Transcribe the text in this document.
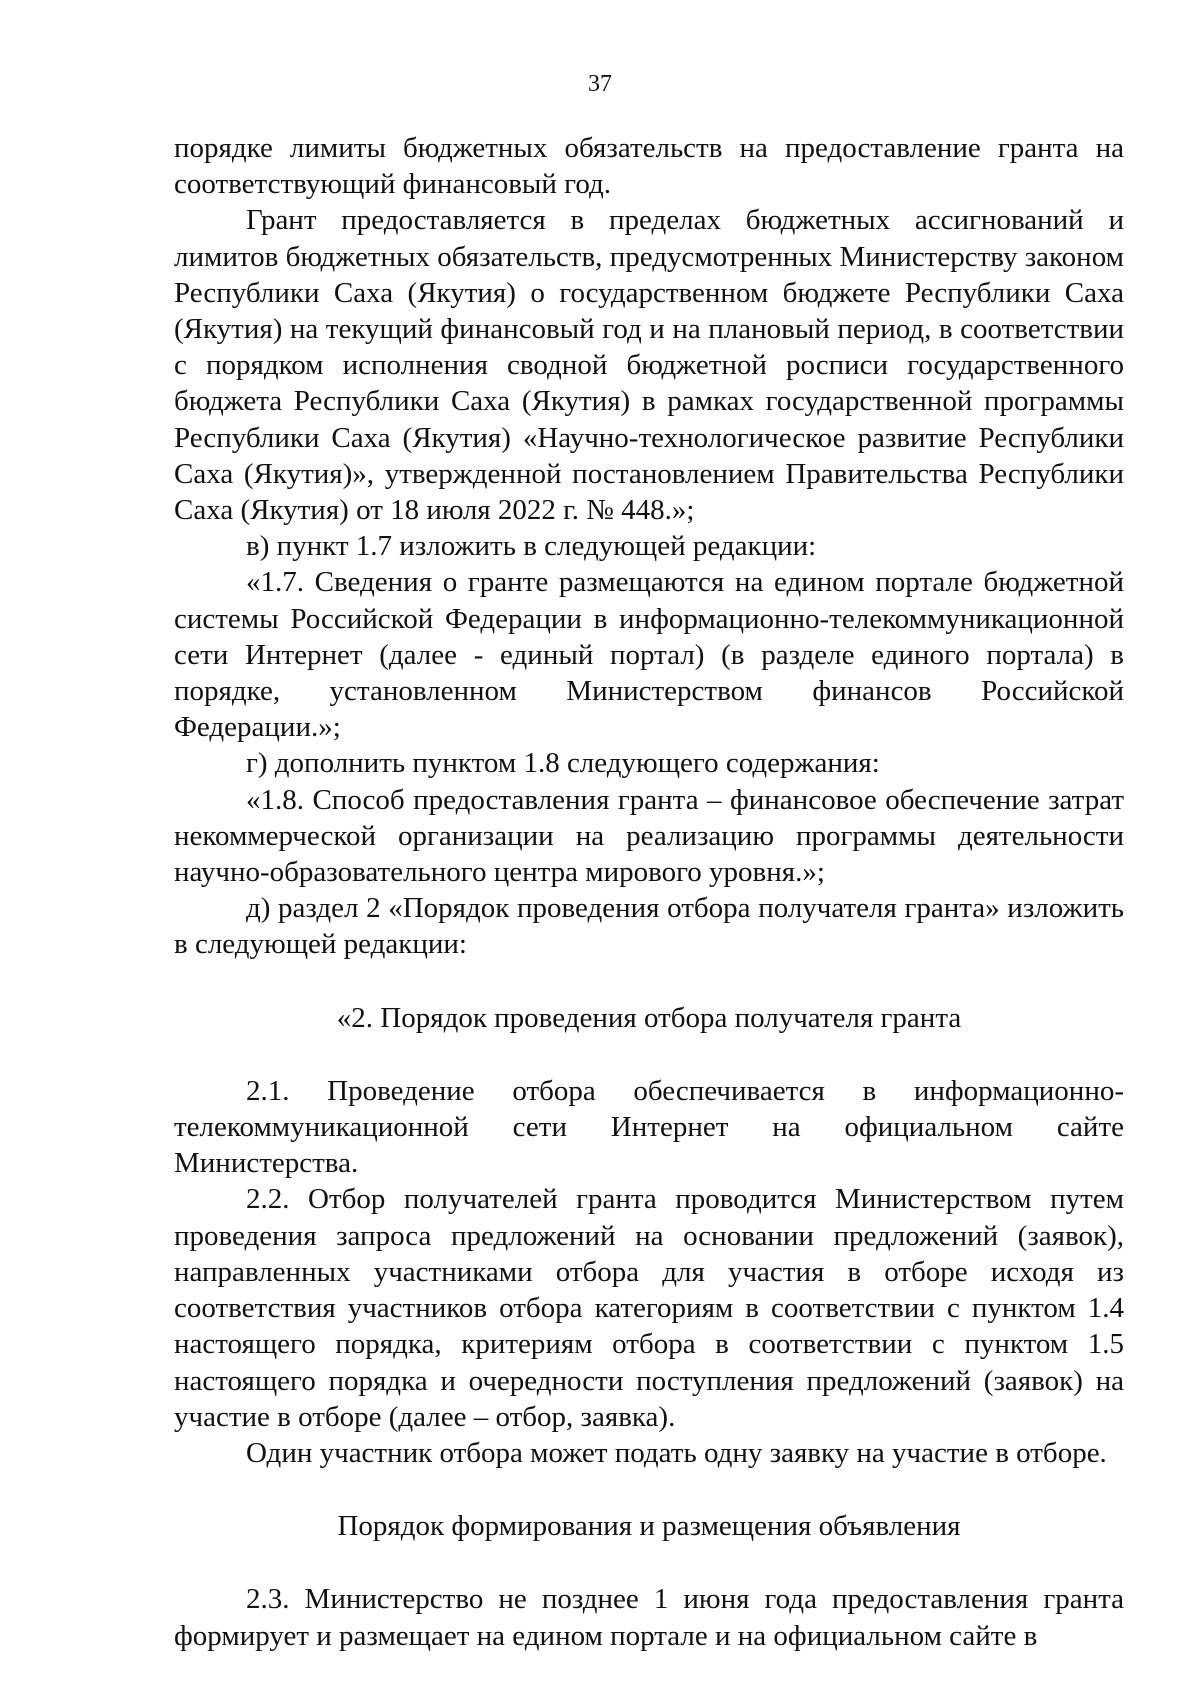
37

порядке лимиты бюджетных обязательств на предоставление гранта на соответствующий финансовый год.

Грант предоставляется в пределах бюджетных ассигнований и лимитов бюджетных обязательств, предусмотренных Министерству законом Республики Саха (Якутия) о государственном бюджете Республики Саха (Якутия) на текущий финансовый год и на плановый период, в соответствии с порядком исполнения сводной бюджетной росписи государственного бюджета Республики Саха (Якутия) в рамках государственной программы Республики Саха (Якутия) «Научно-технологическое развитие Республики Саха (Якутия)», утвержденной постановлением Правительства Республики Саха (Якутия) от 18 июля 2022 г. № 448.»;

в) пункт 1.7 изложить в следующей редакции:

«1.7. Сведения о гранте размещаются на едином портале бюджетной системы Российской Федерации в информационно-телекоммуникационной сети Интернет (далее - единый портал) (в разделе единого портала) в порядке, установленном Министерством финансов Российской Федерации.»;

г) дополнить пунктом 1.8 следующего содержания:

«1.8. Способ предоставления гранта – финансовое обеспечение затрат некоммерческой организации на реализацию программы деятельности научно-образовательного центра мирового уровня.»;

д) раздел 2 «Порядок проведения отбора получателя гранта» изложить в следующей редакции:

«2. Порядок проведения отбора получателя гранта

2.1. Проведение отбора обеспечивается в информационно-телекоммуникационной сети Интернет на официальном сайте Министерства.

2.2. Отбор получателей гранта проводится Министерством путем проведения запроса предложений на основании предложений (заявок), направленных участниками отбора для участия в отборе исходя из соответствия участников отбора категориям в соответствии с пунктом 1.4 настоящего порядка, критериям отбора в соответствии с пунктом 1.5 настоящего порядка и очередности поступления предложений (заявок) на участие в отборе (далее – отбор, заявка).

Один участник отбора может подать одну заявку на участие в отборе.

Порядок формирования и размещения объявления

2.3. Министерство не позднее 1 июня года предоставления гранта формирует и размещает на едином портале и на официальном сайте в
